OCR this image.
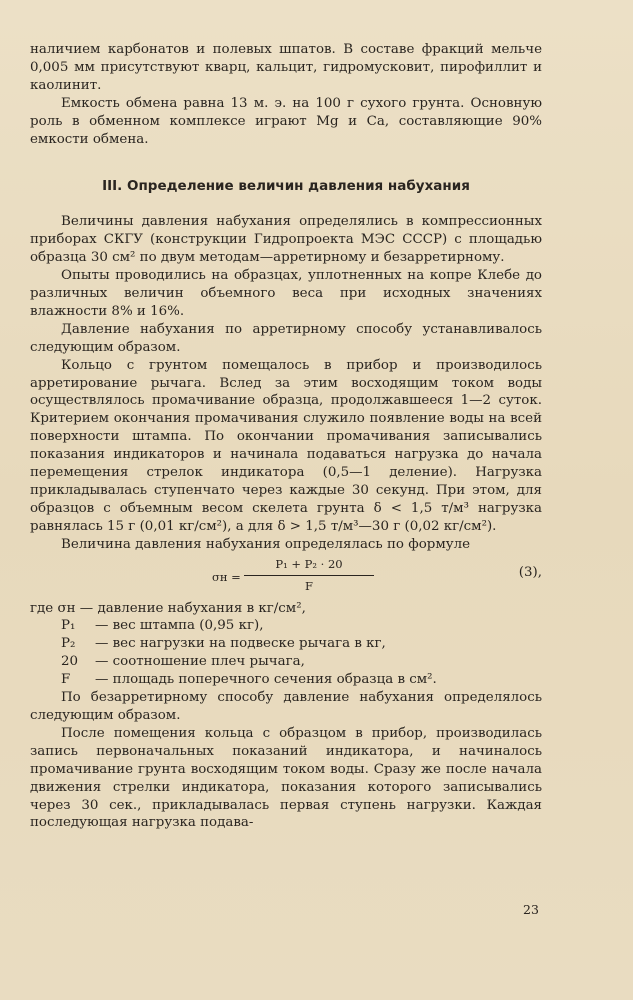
наличием карбонатов и полевых шпатов. В составе фракций мельче 0,005 мм присутствуют кварц, кальцит, гидромусковит, пирофиллит и каолинит.

Емкость обмена равна 13 м. э. на 100 г сухого грунта. Основную роль в обменном комплексе играют Mg и Ca, составляющие 90% емкости обмена.

III. Определение величин давления набухания

Величины давления набухания определялись в компрессионных приборах СКГУ (конструкции Гидропроекта МЭС СССР) с площадью образца 30 см² по двум методам—арретирному и безарретирному.

Опыты проводились на образцах, уплотненных на копре Клебе до различных величин объемного веса при исходных значениях влажности 8% и 16%.

Давление набухания по арретирному способу устанавливалось следующим образом.

Кольцо с грунтом помещалось в прибор и производилось арретирование рычага. Вслед за этим восходящим током воды осуществлялось промачивание образца, продолжавшееся 1—2 суток. Критерием окончания промачивания служило появление воды на всей поверхности штампа. По окончании промачивания записывались показания индикаторов и начинала подаваться нагрузка до начала перемещения стрелок индикатора (0,5—1 деление). Нагрузка прикладывалась ступенчато через каждые 30 секунд. При этом, для образцов с объемным весом скелета грунта δ < 1,5 т/м³ нагрузка равнялась 15 г (0,01 кг/см²), а для δ > 1,5 т/м³—30 г (0,02 кг/см²).

Величина давления набухания определялась по формуле

$\sigma н = \frac{\text{P₁ + P₂ · 20}}{F}$	(3),

где σн — давление набухания в кг/см²,

P₁ — вес штампа (0,95 кг),

P₂ — вес нагрузки на подвеске рычага в кг,

20 — соотношение плеч рычага,

F — площадь поперечного сечения образца в см².

По безарретирному способу давление набухания определялось следующим образом.

После помещения кольца с образцом в прибор, производилась запись первоначальных показаний индикатора, и начиналось промачивание грунта восходящим током воды. Сразу же после начала движения стрелки индикатора, показания которого записывались через 30 сек., прикладывалась первая ступень нагрузки. Каждая последующая нагрузка подава-

23
